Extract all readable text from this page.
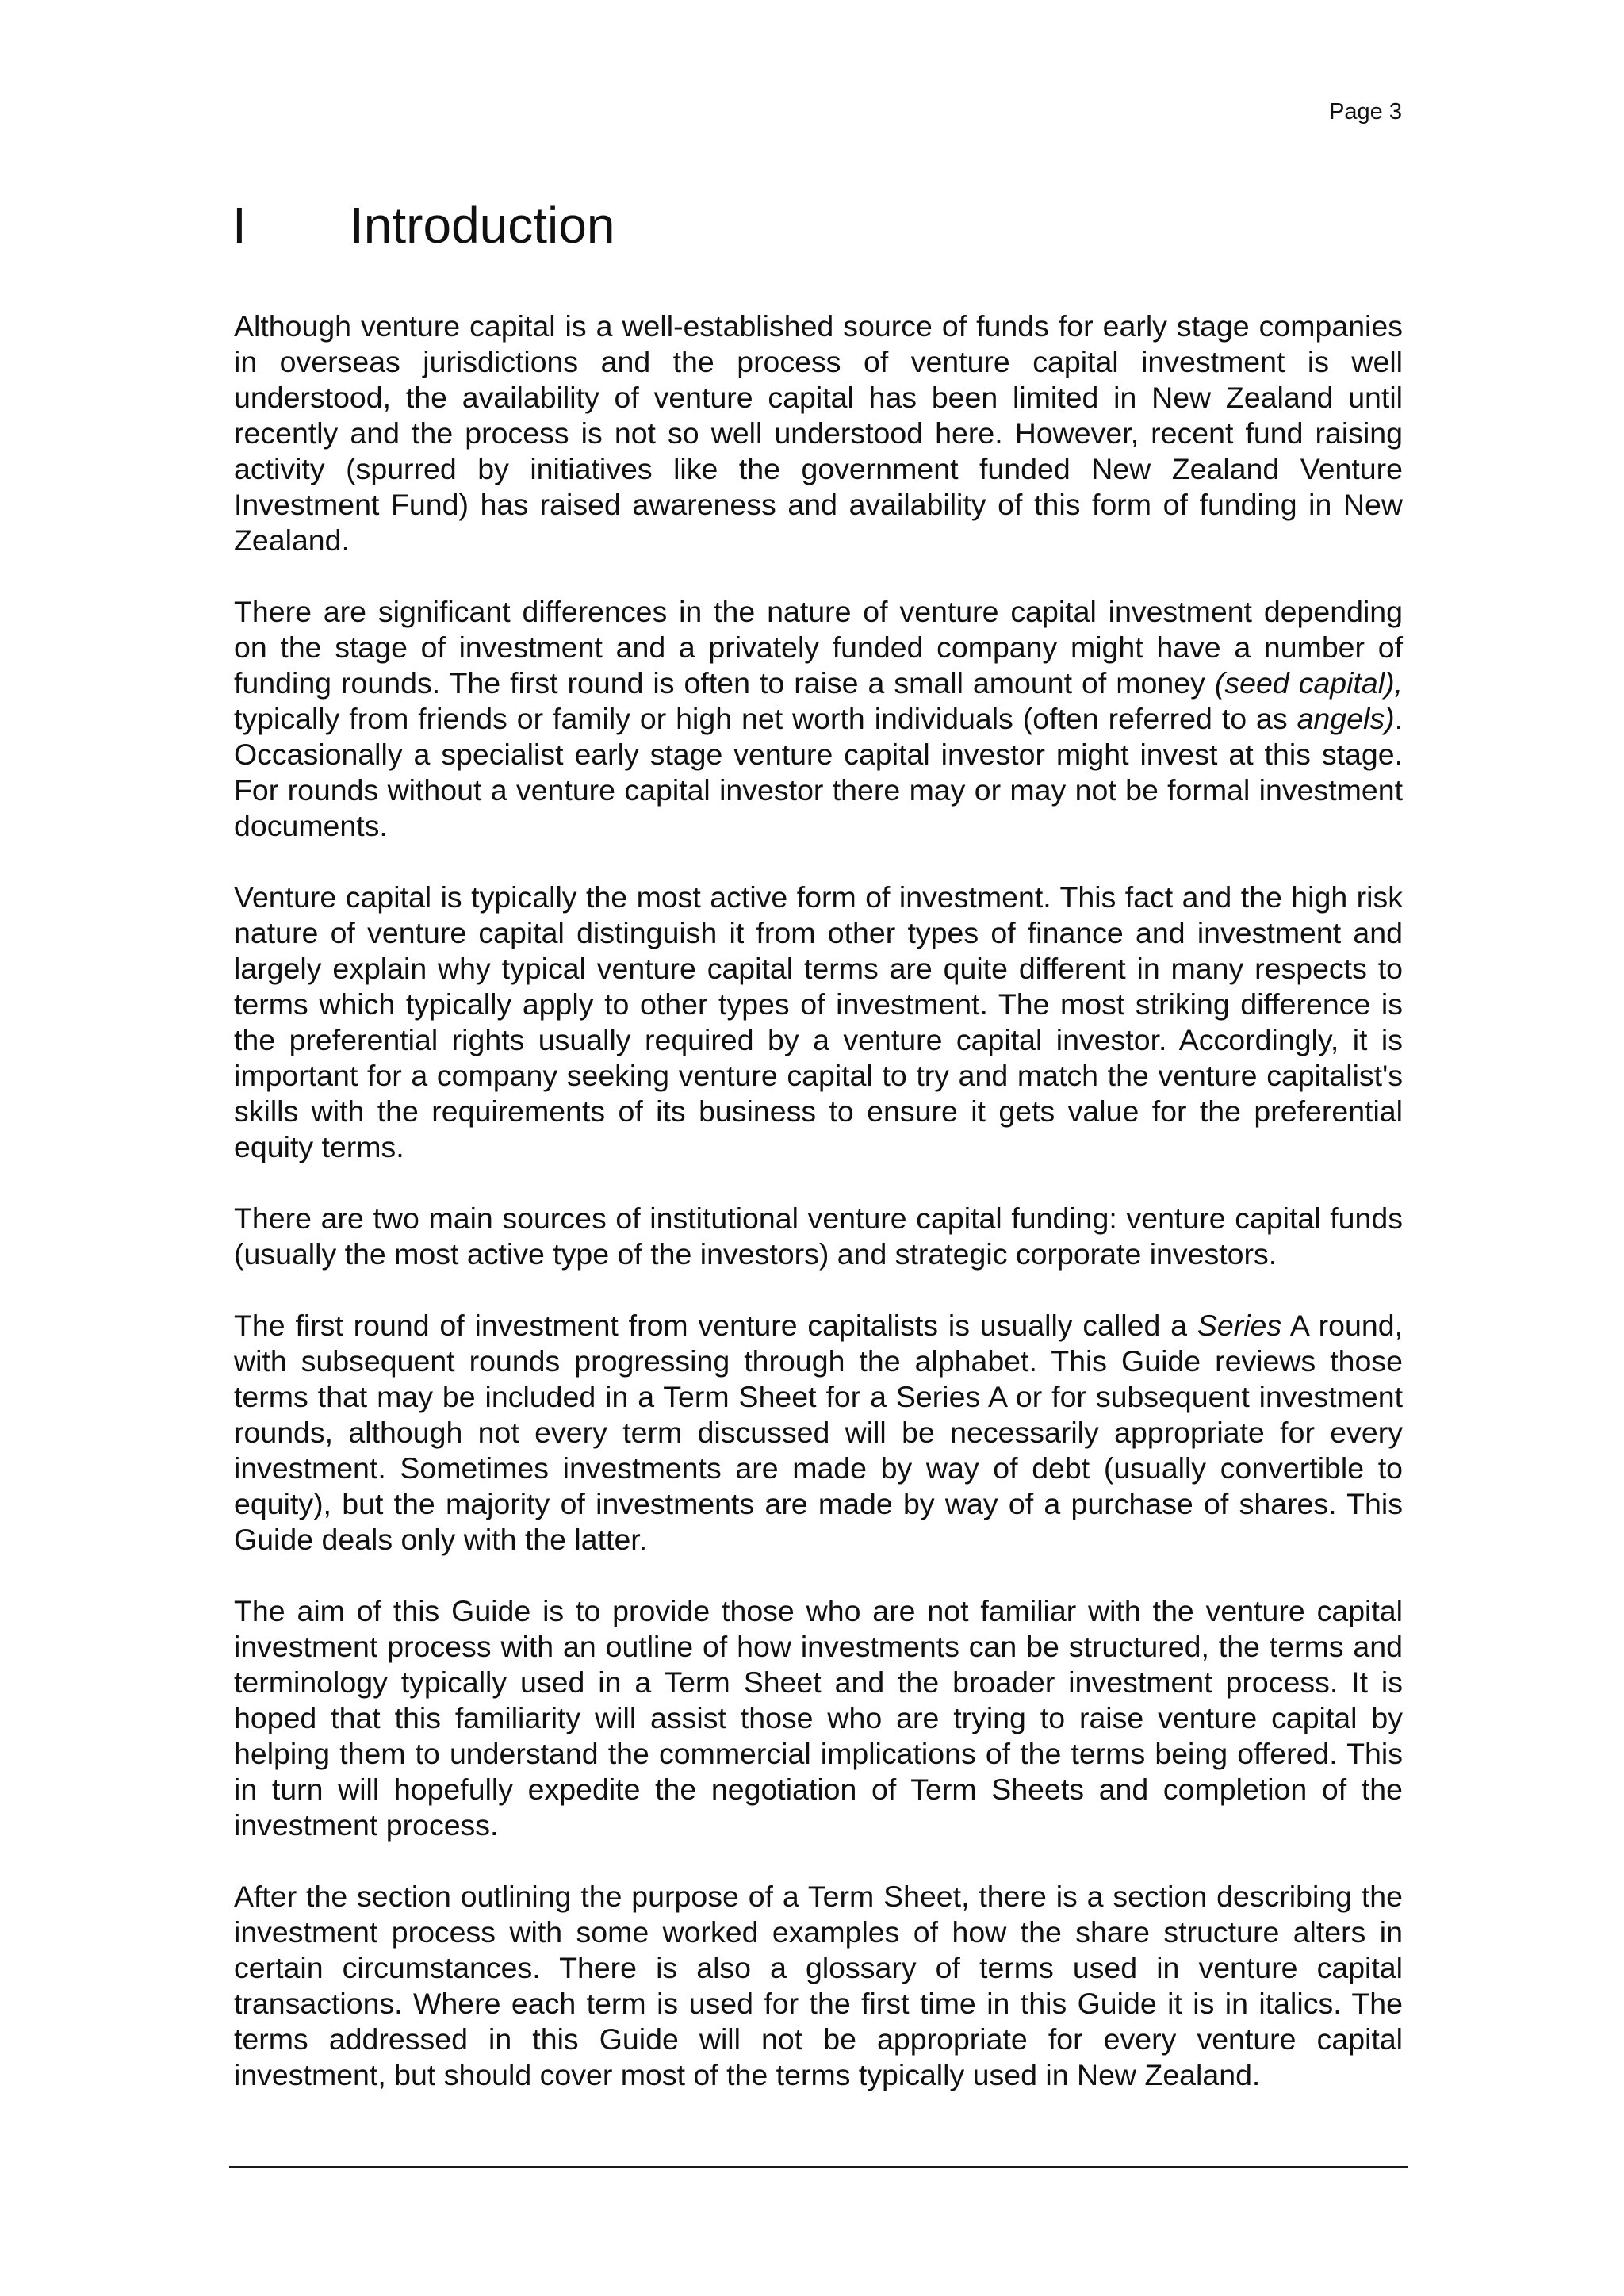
Page 3
I	Introduction

Although venture capital is a well-established source of funds for early stage companies in overseas jurisdictions and the process of venture capital investment is well understood, the availability of venture capital has been limited in New Zealand until recently and the process is not so well understood here. However, recent fund raising activity (spurred by initiatives like the government funded New Zealand Venture Investment Fund) has raised awareness and availability of this form of funding in New Zealand.

There are significant differences in the nature of venture capital investment depending on the stage of investment and a privately funded company might have a number of funding rounds. The first round is often to raise a small amount of money (seed capital), typically from friends or family or high net worth individuals (often referred to as angels). Occasionally a specialist early stage venture capital investor might invest at this stage. For rounds without a venture capital investor there may or may not be formal investment documents.

Venture capital is typically the most active form of investment. This fact and the high risk nature of venture capital distinguish it from other types of finance and investment and largely explain why typical venture capital terms are quite different in many respects to terms which typically apply to other types of investment. The most striking difference is the preferential rights usually required by a venture capital investor. Accordingly, it is important for a company seeking venture capital to try and match the venture capitalist's skills with the requirements of its business to ensure it gets value for the preferential equity terms.

There are two main sources of institutional venture capital funding: venture capital funds (usually the most active type of the investors) and strategic corporate investors.

The first round of investment from venture capitalists is usually called a Series A round, with subsequent rounds progressing through the alphabet. This Guide reviews those terms that may be included in a Term Sheet for a Series A or for subsequent investment rounds, although not every term discussed will be necessarily appropriate for every investment. Sometimes investments are made by way of debt (usually convertible to equity), but the majority of investments are made by way of a purchase of shares. This Guide deals only with the latter.

The aim of this Guide is to provide those who are not familiar with the venture capital investment process with an outline of how investments can be structured, the terms and terminology typically used in a Term Sheet and the broader investment process. It is hoped that this familiarity will assist those who are trying to raise venture capital by helping them to understand the commercial implications of the terms being offered. This in turn will hopefully expedite the negotiation of Term Sheets and completion of the investment process.

After the section outlining the purpose of a Term Sheet, there is a section describing the investment process with some worked examples of how the share structure alters in certain circumstances. There is also a glossary of terms used in venture capital transactions. Where each term is used for the first time in this Guide it is in italics. The terms addressed in this Guide will not be appropriate for every venture capital investment, but should cover most of the terms typically used in New Zealand.
